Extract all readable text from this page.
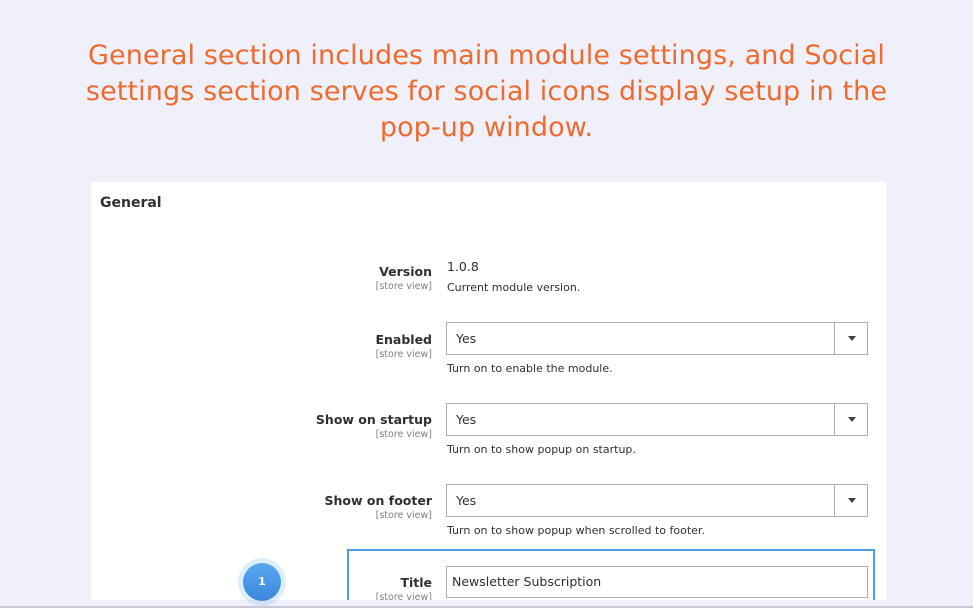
General section includes main module settings, and Social settings section serves for social icons display setup in the pop-up window.
General
Version
[store view]
1.0.8
Current module version.
Enabled
[store view]
Yes
Turn on to enable the module.
Show on startup
[store view]
Yes
Turn on to show popup on startup.
Show on footer
[store view]
Yes
Turn on to show popup when scrolled to footer.
Title
[store view]
Newsletter Subscription
1
